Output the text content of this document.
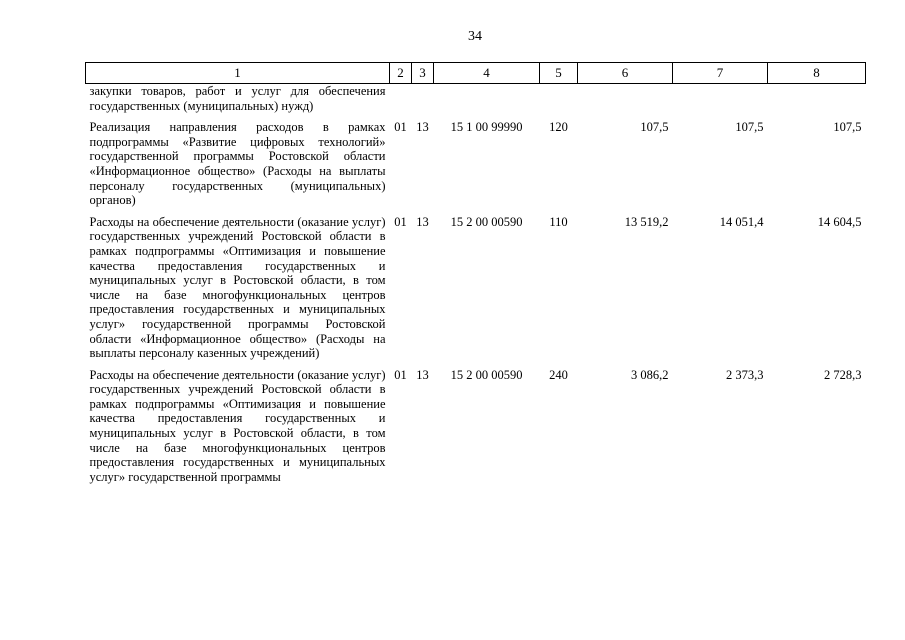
34
1	2	3	4	5	6	7	8
закупки товаров, работ и услуг для обеспечения государственных (муниципальных) нужд)							
Реализация направления расходов в рамках подпрограммы «Развитие цифровых технологий» государственной программы Ростовской области «Информационное общество» (Расходы на выплаты персоналу государственных (муниципальных) органов)	01	13	15 1 00 99990	120	107,5	107,5	107,5
Расходы на обеспечение деятельности (оказание услуг) государственных учреждений Ростовской области в рамках подпрограммы «Оптимизация и повышение качества предоставления государственных и муниципальных услуг в Ростовской области, в том числе на базе многофункциональных центров предоставления государственных и муниципальных услуг» государственной программы Ростовской области «Информационное общество» (Расходы на выплаты персоналу казенных учреждений)	01	13	15 2 00 00590	110	13 519,2	14 051,4	14 604,5
Расходы на обеспечение деятельности (оказание услуг) государственных учреждений Ростовской области в рамках подпрограммы «Оптимизация и повышение качества предоставления государственных и муниципальных услуг в Ростовской области, в том числе на базе многофункциональных центров предоставления государственных и муниципальных услуг» государственной программы	01	13	15 2 00 00590	240	3 086,2	2 373,3	2 728,3
